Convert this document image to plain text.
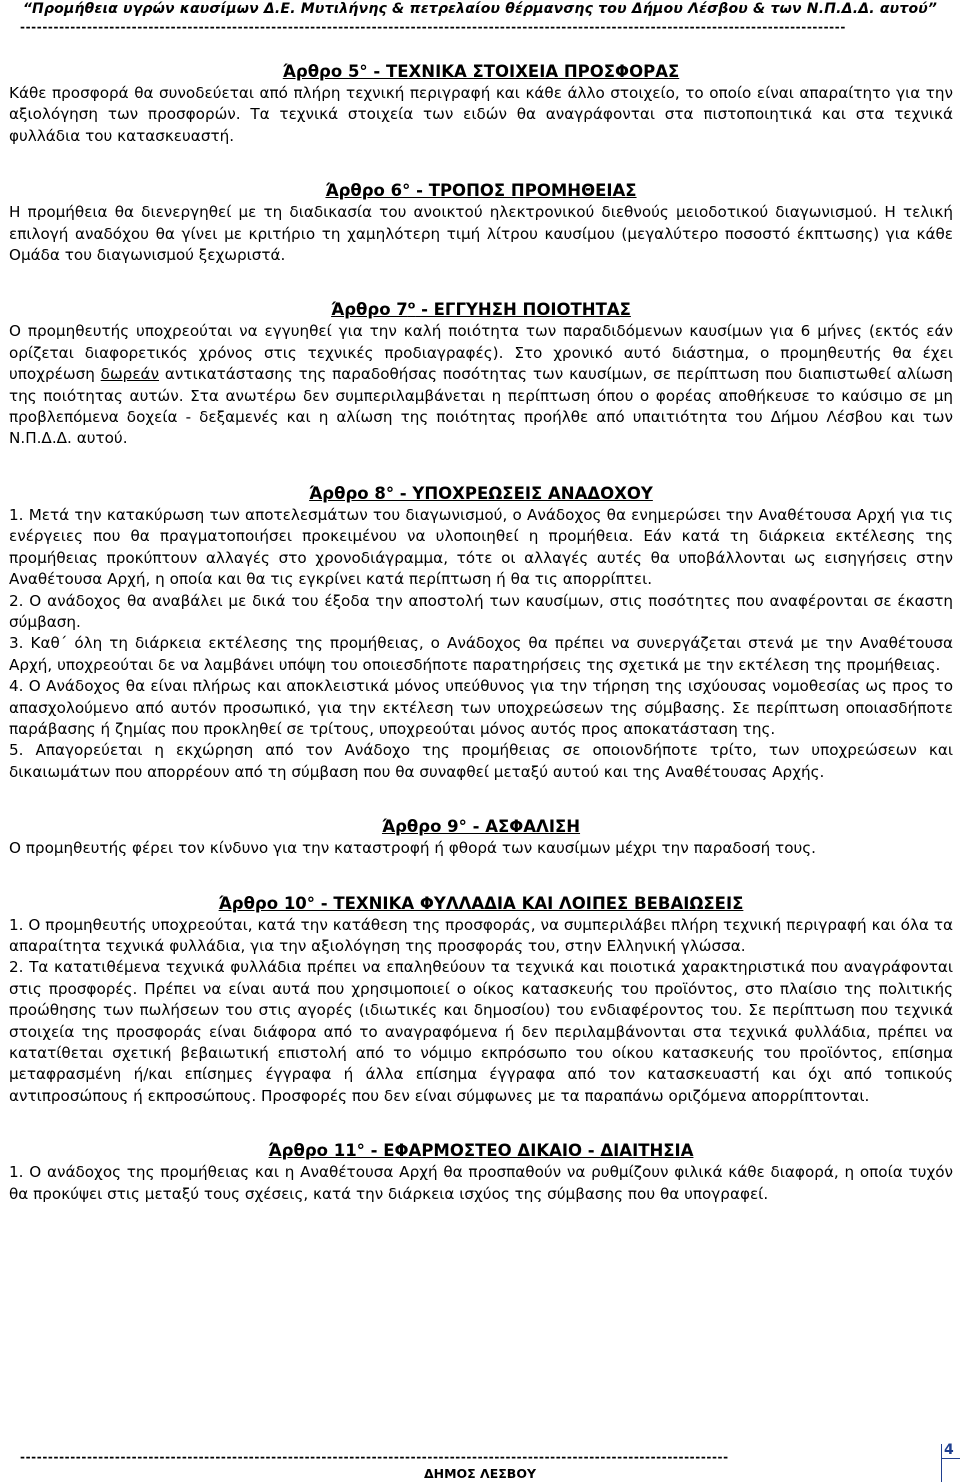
“Προμήθεια υγρών καυσίμων Δ.Ε. Μυτιλήνης & πετρελαίου θέρμανσης του Δήμου Λέσβου & των Ν.Π.Δ.Δ. αυτού”
----------------------------------------------------------------------------------------------------------------------------------------------------

Άρθρο 5° - ΤΕΧΝΙΚΑ ΣΤΟΙΧΕΙΑ ΠΡΟΣΦΟΡΑΣ

Κάθε προσφορά θα συνοδεύεται από πλήρη τεχνική περιγραφή και κάθε άλλο στοιχείο, το οποίο είναι απαραίτητο για την αξιολόγηση των προσφορών. Τα τεχνικά στοιχεία των ειδών θα αναγράφονται στα πιστοποιητικά και στα τεχνικά φυλλάδια του κατασκευαστή.

Άρθρο 6° - ΤΡΟΠΟΣ ΠΡΟΜΗΘΕΙΑΣ

Η προμήθεια θα διενεργηθεί με τη διαδικασία του ανοικτού ηλεκτρονικού διεθνούς μειοδοτικού διαγωνισμού. Η τελική επιλογή αναδόχου θα γίνει με κριτήριο τη χαμηλότερη τιμή λίτρου καυσίμου (μεγαλύτερο ποσοστό έκπτωσης) για κάθε Ομάδα του διαγωνισμού ξεχωριστά.

Άρθρο $7^o$ - ΕΓΓΥΗΣΗ ΠΟΙΟΤΗΤΑΣ

Ο προμηθευτής υποχρεούται να εγγυηθεί για την καλή ποιότητα των παραδιδόμενων καυσίμων για 6 μήνες (εκτός εάν ορίζεται διαφορετικός χρόνος στις τεχνικές προδιαγραφές). Στο χρονικό αυτό διάστημα, ο προμηθευτής θα έχει υποχρέωση δωρεάν αντικατάστασης της παραδοθήσας ποσότητας των καυσίμων, σε περίπτωση που διαπιστωθεί αλίωση της ποιότητας αυτών. Στα ανωτέρω δεν συμπεριλαμβάνεται η περίπτωση όπου ο φορέας αποθήκευσε το καύσιμο σε μη προβλεπόμενα δοχεία - δεξαμενές και η αλίωση της ποιότητας προήλθε από υπαιτιότητα του Δήμου Λέσβου και των Ν.Π.Δ.Δ. αυτού.

Άρθρο 8° - ΥΠΟΧΡΕΩΣΕΙΣ ΑΝΑΔΟΧΟΥ

1. Μετά την κατακύρωση των αποτελεσμάτων του διαγωνισμού, ο Ανάδοχος θα ενημερώσει την Αναθέτουσα Αρχή για τις ενέργειες που θα πραγματοποιήσει προκειμένου να υλοποιηθεί η προμήθεια. Εάν κατά τη διάρκεια εκτέλεσης της προμήθειας προκύπτουν αλλαγές στο χρονοδιάγραμμα, τότε οι αλλαγές αυτές θα υποβάλλονται ως εισηγήσεις στην Αναθέτουσα Αρχή, η οποία και θα τις εγκρίνει κατά περίπτωση ή θα τις απορρίπτει.

2. Ο ανάδοχος θα αναβάλει με δικά του έξοδα την αποστολή των καυσίμων, στις ποσότητες που αναφέρονται σε έκαστη σύμβαση.

3. Καθ΄ όλη τη διάρκεια εκτέλεσης της προμήθειας, ο Ανάδοχος θα πρέπει να συνεργάζεται στενά με την Αναθέτουσα Αρχή, υποχρεούται δε να λαμβάνει υπόψη του οποιεσδήποτε παρατηρήσεις της σχετικά με την εκτέλεση της προμήθειας.

4. Ο Ανάδοχος θα είναι πλήρως και αποκλειστικά μόνος υπεύθυνος για την τήρηση της ισχύουσας νομοθεσίας ως προς το απασχολούμενο από αυτόν προσωπικό, για την εκτέλεση των υποχρεώσεων της σύμβασης. Σε περίπτωση οποιασδήποτε παράβασης ή ζημίας που προκληθεί σε τρίτους, υποχρεούται μόνος αυτός προς αποκατάσταση της.

5. Απαγορεύεται η εκχώρηση από τον Ανάδοχο της προμήθειας σε οποιονδήποτε τρίτο, των υποχρεώσεων και δικαιωμάτων που απορρέουν από τη σύμβαση που θα συναφθεί μεταξύ αυτού και της Αναθέτουσας Αρχής.

Άρθρο 9° - ΑΣΦΑΛΙΣΗ

Ο προμηθευτής φέρει τον κίνδυνο για την καταστροφή ή φθορά των καυσίμων μέχρι την παραδοσή τους.

Άρθρο 10° - ΤΕΧΝΙΚΑ ΦΥΛΛΑΔΙΑ ΚΑΙ ΛΟΙΠΕΣ ΒΕΒΑΙΩΣΕΙΣ

1. Ο προμηθευτής υποχρεούται, κατά την κατάθεση της προσφοράς, να συμπεριλάβει πλήρη τεχνική περιγραφή και όλα τα απαραίτητα τεχνικά φυλλάδια, για την αξιολόγηση της προσφοράς του, στην Ελληνική γλώσσα.

2. Τα κατατιθέμενα τεχνικά φυλλάδια πρέπει να επαληθεύουν τα τεχνικά και ποιοτικά χαρακτηριστικά που αναγράφονται στις προσφορές. Πρέπει να είναι αυτά που χρησιμοποιεί ο οίκος κατασκευής του προϊόντος, στο πλαίσιο της πολιτικής προώθησης των πωλήσεων του στις αγορές (ιδιωτικές και δημοσίου) του ενδιαφέροντος του. Σε περίπτωση που τεχνικά στοιχεία της προσφοράς είναι διάφορα από το αναγραφόμενα ή δεν περιλαμβάνονται στα τεχνικά φυλλάδια, πρέπει να κατατίθεται σχετική βεβαιωτική επιστολή από το νόμιμο εκπρόσωπο του οίκου κατασκευής του προϊόντος, επίσημα μεταφρασμένη ή/και επίσημες έγγραφα ή άλλα επίσημα έγγραφα από τον κατασκευαστή και όχι από τοπικούς αντιπροσώπους ή εκπροσώπους. Προσφορές που δεν είναι σύμφωνες με τα παραπάνω οριζόμενα απορρίπτονται.

Άρθρο 11° - ΕΦΑΡΜΟΣΤΕΟ ΔΙΚΑΙΟ - ΔΙΑΙΤΗΣΙΑ

1. Ο ανάδοχος της προμήθειας και η Αναθέτουσα Αρχή θα προσπαθούν να ρυθμίζουν φιλικά κάθε διαφορά, η οποία τυχόν θα προκύψει στις μεταξύ τους σχέσεις, κατά την διάρκεια ισχύος της σύμβασης που θα υπογραφεί.

-------------------------------------------------------------------------------------------------------------------------------
ΔΗΜΟΣ ΛΕΣΒΟΥ
4
